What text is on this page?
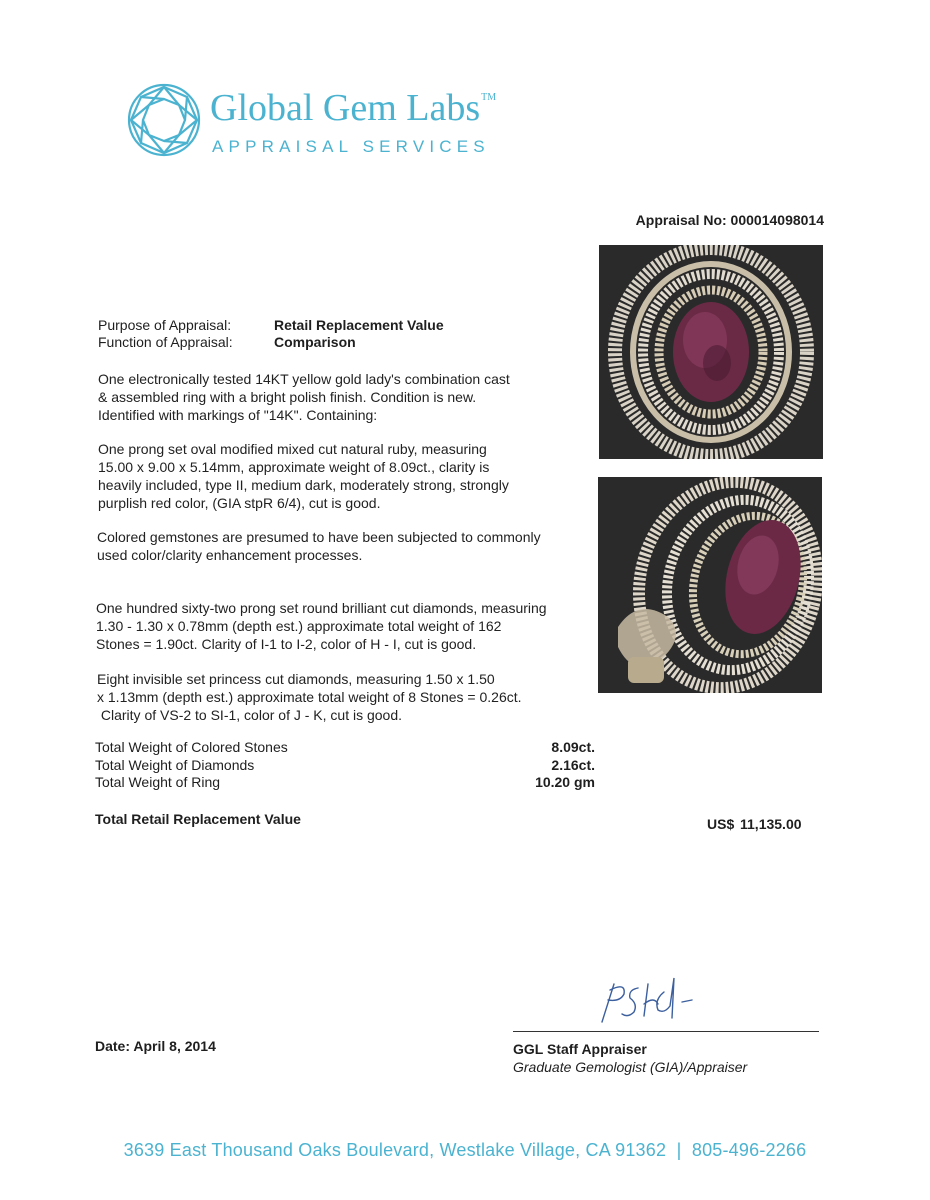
Global Gem Labs™
APPRAISAL SERVICES
Appraisal No: 000014098014
Purpose of Appraisal:	Retail Replacement Value
Function of Appraisal:	Comparison
One electronically tested 14KT yellow gold lady's combination cast
& assembled ring with a bright polish finish. Condition is new.
Identified with markings of "14K". Containing:
One prong set oval modified mixed cut natural ruby, measuring
15.00 x 9.00 x 5.14mm, approximate weight of 8.09ct., clarity is
heavily included, type II, medium dark, moderately strong, strongly
purplish red color, (GIA stpR 6/4), cut is good.
Colored gemstones are presumed to have been subjected to commonly
used color/clarity enhancement processes.
One hundred sixty-two prong set round brilliant cut diamonds, measuring
1.30 - 1.30 x 0.78mm (depth est.) approximate total weight of 162
Stones = 1.90ct. Clarity of I-1 to I-2, color of H - I, cut is good.
Eight invisible set princess cut diamonds, measuring 1.50 x 1.50
x 1.13mm (depth est.) approximate total weight of 8 Stones = 0.26ct.
Clarity of VS-2 to SI-1, color of J - K, cut is good.
Total Weight of Colored Stones	8.09ct.
Total Weight of Diamonds	2.16ct.
Total Weight of Ring	10.20 gm
Total Retail Replacement Value	US$ 11,135.00
GGL Staff Appraiser
Graduate Gemologist (GIA)/Appraiser
Date: April 8, 2014
3639 East Thousand Oaks Boulevard, Westlake Village, CA 91362  |  805-496-2266
